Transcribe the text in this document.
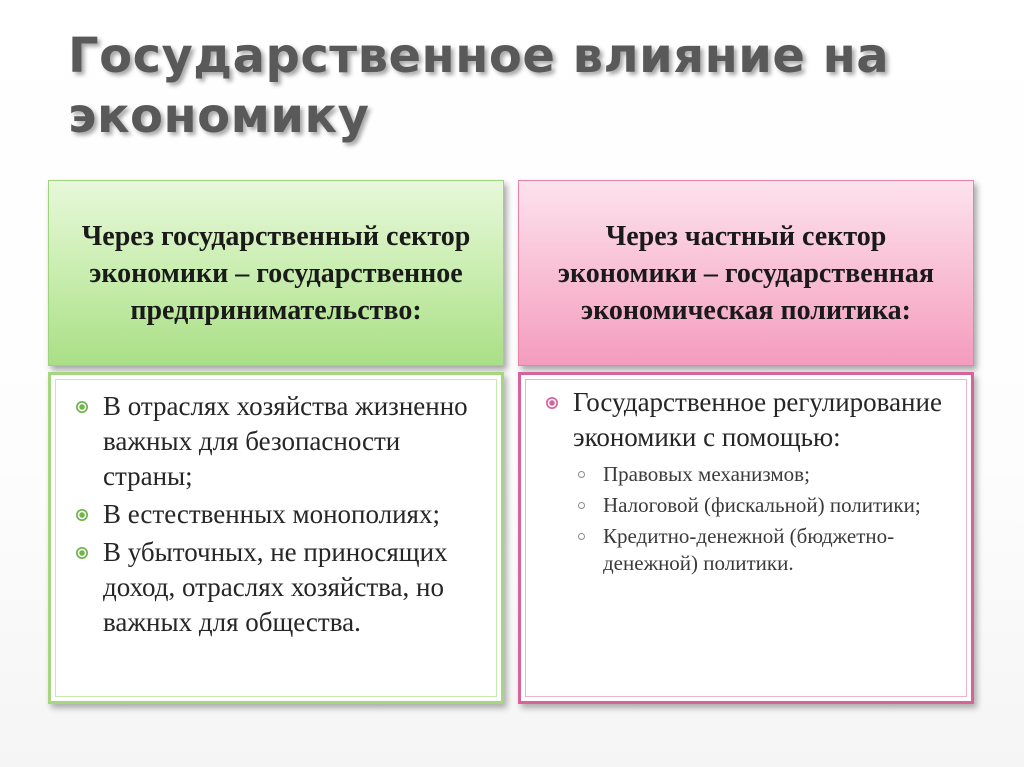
Государственное влияние на экономику
Через государственный сектор экономики – государственное предпринимательство:
Через частный сектор экономики – государственная экономическая политика:
В отраслях хозяйства жизненно важных для безопасности страны;
В естественных монополиях;
В убыточных, не приносящих доход, отраслях хозяйства, но важных для общества.
Государственное регулирование экономики с помощью:
Правовых механизмов;
Налоговой (фискальной) политики;
Кредитно-денежной (бюджетно-денежной) политики.
